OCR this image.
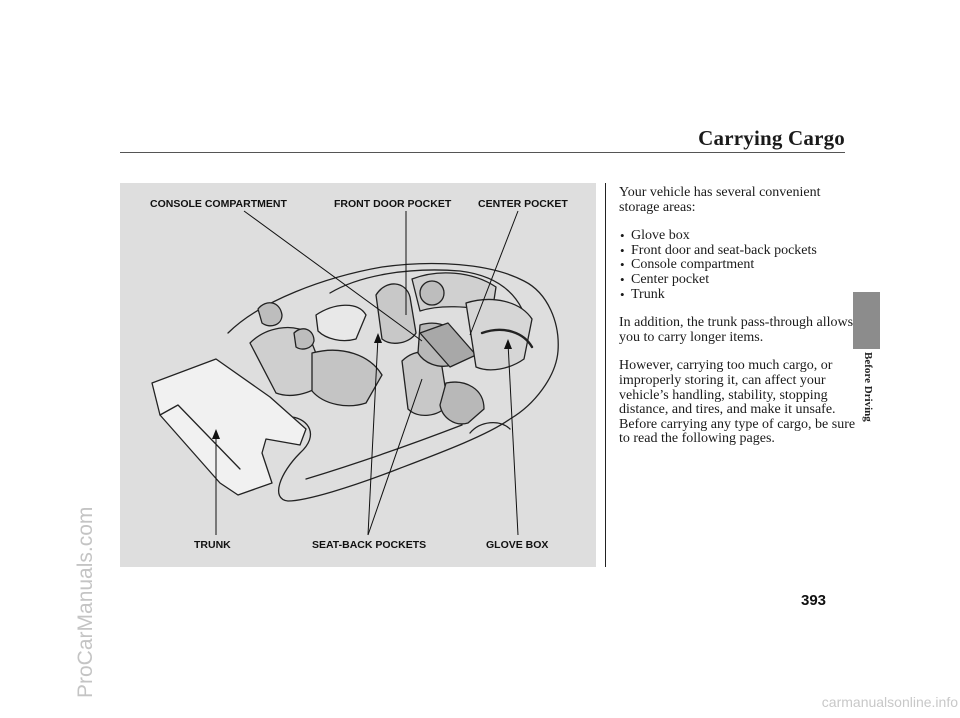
Carrying Cargo
CONSOLE COMPARTMENT	FRONT DOOR POCKET	CENTER POCKET
TRUNK	SEAT-BACK POCKETS	GLOVE BOX

Your vehicle has several convenient storage areas:

• Glove box
• Front door and seat-back pockets
• Console compartment
• Center pocket
• Trunk

In addition, the trunk pass-through allows you to carry longer items.

However, carrying too much cargo, or improperly storing it, can affect your vehicle’s handling, stability, stopping distance, and tires, and make it unsafe. Before carrying any type of cargo, be sure to read the following pages.

Before Driving
393
ProCarManuals.com
carmanualsonline.info
